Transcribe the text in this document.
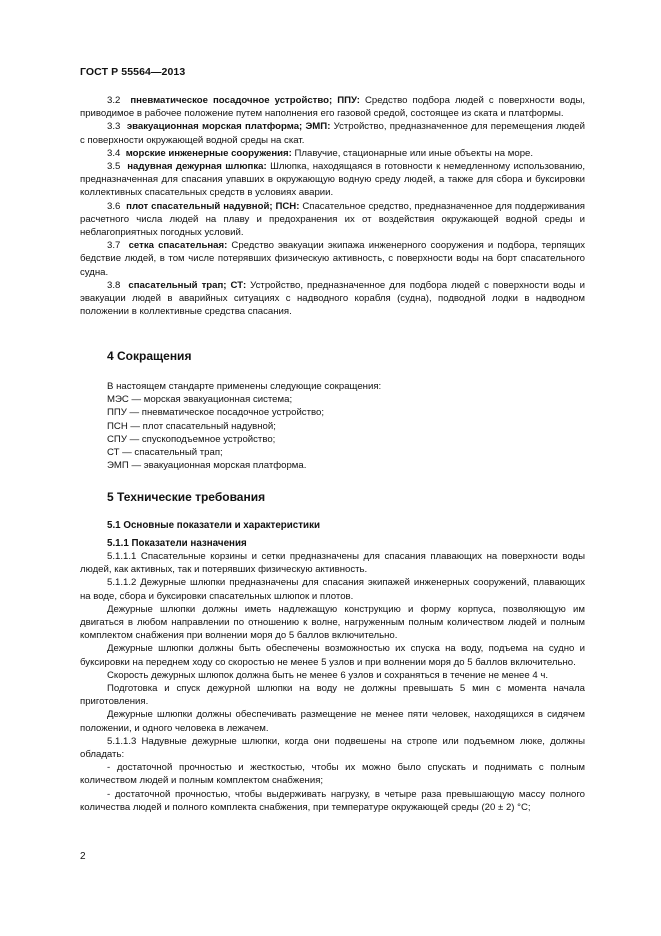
ГОСТ Р 55564—2013

3.2 пневматическое посадочное устройство; ППУ: Средство подбора людей с поверхности воды, приводимое в рабочее положение путем наполнения его газовой средой, состоящее из ската и платформы.

3.3 эвакуационная морская платформа; ЭМП: Устройство, предназначенное для перемещения людей с поверхности окружающей водной среды на скат.

3.4 морские инженерные сооружения: Плавучие, стационарные или иные объекты на море.

3.5 надувная дежурная шлюпка: Шлюпка, находящаяся в готовности к немедленному использованию, предназначенная для спасания упавших в окружающую водную среду людей, а также для сбора и буксировки коллективных спасательных средств в условиях аварии.

3.6 плот спасательный надувной; ПСН: Спасательное средство, предназначенное для поддерживания расчетного числа людей на плаву и предохранения их от воздействия окружающей водной среды и неблагоприятных погодных условий.

3.7 сетка спасательная: Средство эвакуации экипажа инженерного сооружения и подбора, терпящих бедствие людей, в том числе потерявших физическую активность, с поверхности воды на борт спасательного судна.

3.8 спасательный трап; СТ: Устройство, предназначенное для подбора людей с поверхности воды и эвакуации людей в аварийных ситуациях с надводного корабля (судна), подводной лодки в надводном положении в коллективные средства спасания.

4 Сокращения

В настоящем стандарте применены следующие сокращения:

МЭС — морская эвакуационная система;

ППУ — пневматическое посадочное устройство;

ПСН — плот спасательный надувной;

СПУ — спускоподъемное устройство;

СТ — спасательный трап;

ЭМП — эвакуационная морская платформа.

5 Технические требования
5.1 Основные показатели и характеристики
5.1.1 Показатели назначения

5.1.1.1 Спасательные корзины и сетки предназначены для спасания плавающих на поверхности воды людей, как активных, так и потерявших физическую активность.

5.1.1.2 Дежурные шлюпки предназначены для спасания экипажей инженерных сооружений, плавающих на воде, сбора и буксировки спасательных шлюпок и плотов.

Дежурные шлюпки должны иметь надлежащую конструкцию и форму корпуса, позволяющую им двигаться в любом направлении по отношению к волне, нагруженным полным количеством людей и полным комплектом снабжения при волнении моря до 5 баллов включительно.

Дежурные шлюпки должны быть обеспечены возможностью их спуска на воду, подъема на судно и буксировки на переднем ходу со скоростью не менее 5 узлов и при волнении моря до 5 баллов включительно.

Скорость дежурных шлюпок должна быть не менее 6 узлов и сохраняться в течение не менее 4 ч.

Подготовка и спуск дежурной шлюпки на воду не должны превышать 5 мин с момента начала приготовления.

Дежурные шлюпки должны обеспечивать размещение не менее пяти человек, находящихся в сидячем положении, и одного человека в лежачем.

5.1.1.3 Надувные дежурные шлюпки, когда они подвешены на стропе или подъемном люке, должны обладать:

- достаточной прочностью и жесткостью, чтобы их можно было спускать и поднимать с полным количеством людей и полным комплектом снабжения;

- достаточной прочностью, чтобы выдерживать нагрузку, в четыре раза превышающую массу полного количества людей и полного комплекта снабжения, при температуре окружающей среды (20 ± 2) °С;

2
